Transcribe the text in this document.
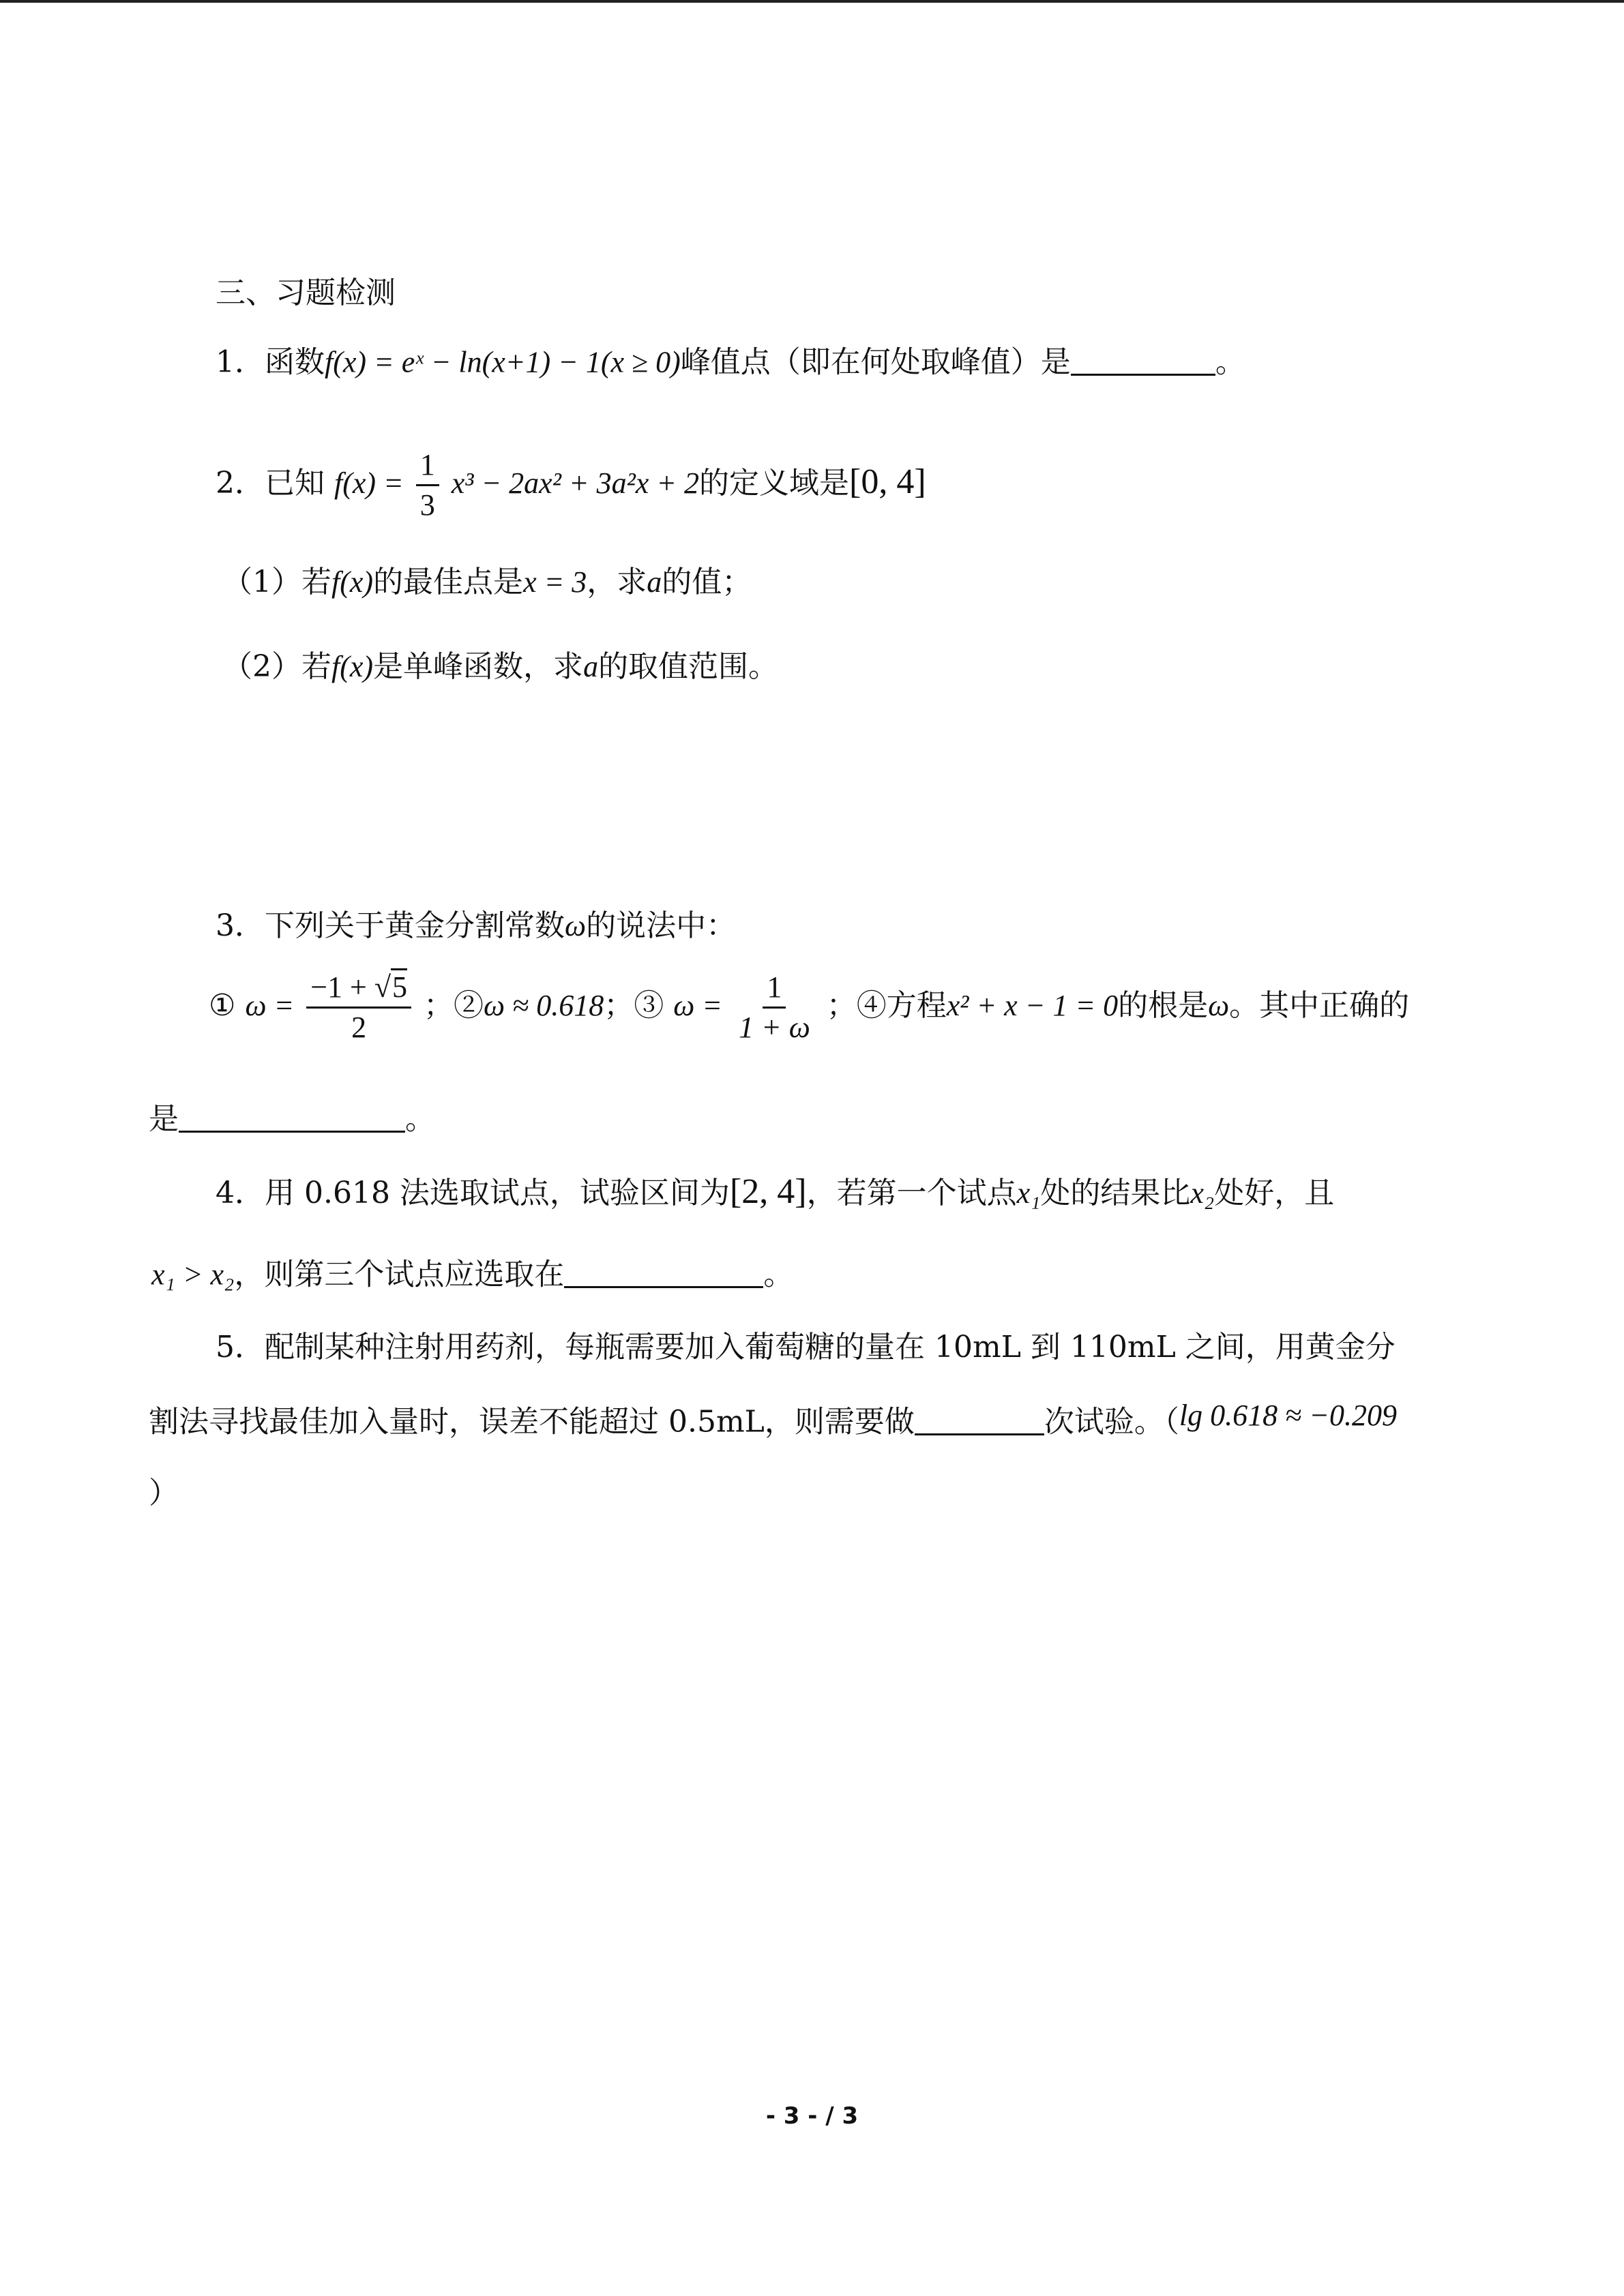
三、习题检测
1．函数f(x) = eˣ − ln(x+1) − 1(x ≥ 0)峰值点（即在何处取峰值）是	。
2．已知 $f(x) = \frac{1}{3} x^3 - 2ax^2 + 3a^2x + 2$的定义域是[0, 4]
（1）若f(x)的最佳点是x = 3，求a的值；
（2）若f(x)是单峰函数，求a的取值范围。
3．下列关于黄金分割常数ω的说法中：
① $\omega = \frac{-1 + √5}{2}$ ；②ω ≈ 0.618；③ $\omega = \frac{1}{1 + \omega}$ ；④方程x² + x − 1 = 0的根是ω。其中正确的
是	。
4．用 0.618 法选取试点，试验区间为[2, 4]，若第一个试点x₁处的结果比x₂处好，且
x₁ > x₂，则第三个试点应选取在	。
5．配制某种注射用药剂，每瓶需要加入葡萄糖的量在 10mL 到 110mL 之间，用黄金分
割法寻找最佳加入量时，误差不能超过 0.5mL，则需要做	次试验。（lg 0.618 ≈ −0.209
）
- 3 - / 3
